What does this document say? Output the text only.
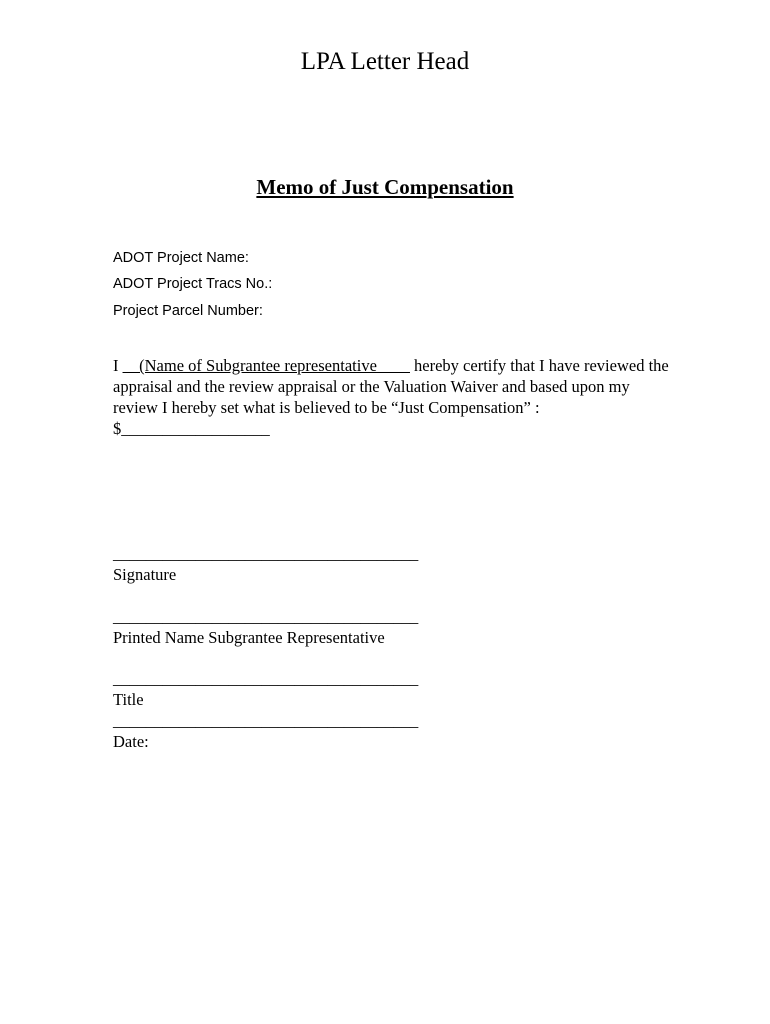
LPA Letter Head
Memo of Just Compensation
ADOT Project Name:
ADOT Project Tracs No.:
Project Parcel Number:
I __(Name of Subgrantee representative____ hereby certify that I have reviewed the appraisal and the review appraisal or the Valuation Waiver and based upon my review I hereby set what is believed to be “Just Compensation” : $__________________
_____________________________________
Signature
_____________________________________
Printed Name Subgrantee Representative
_____________________________________
Title
_____________________________________
Date:
